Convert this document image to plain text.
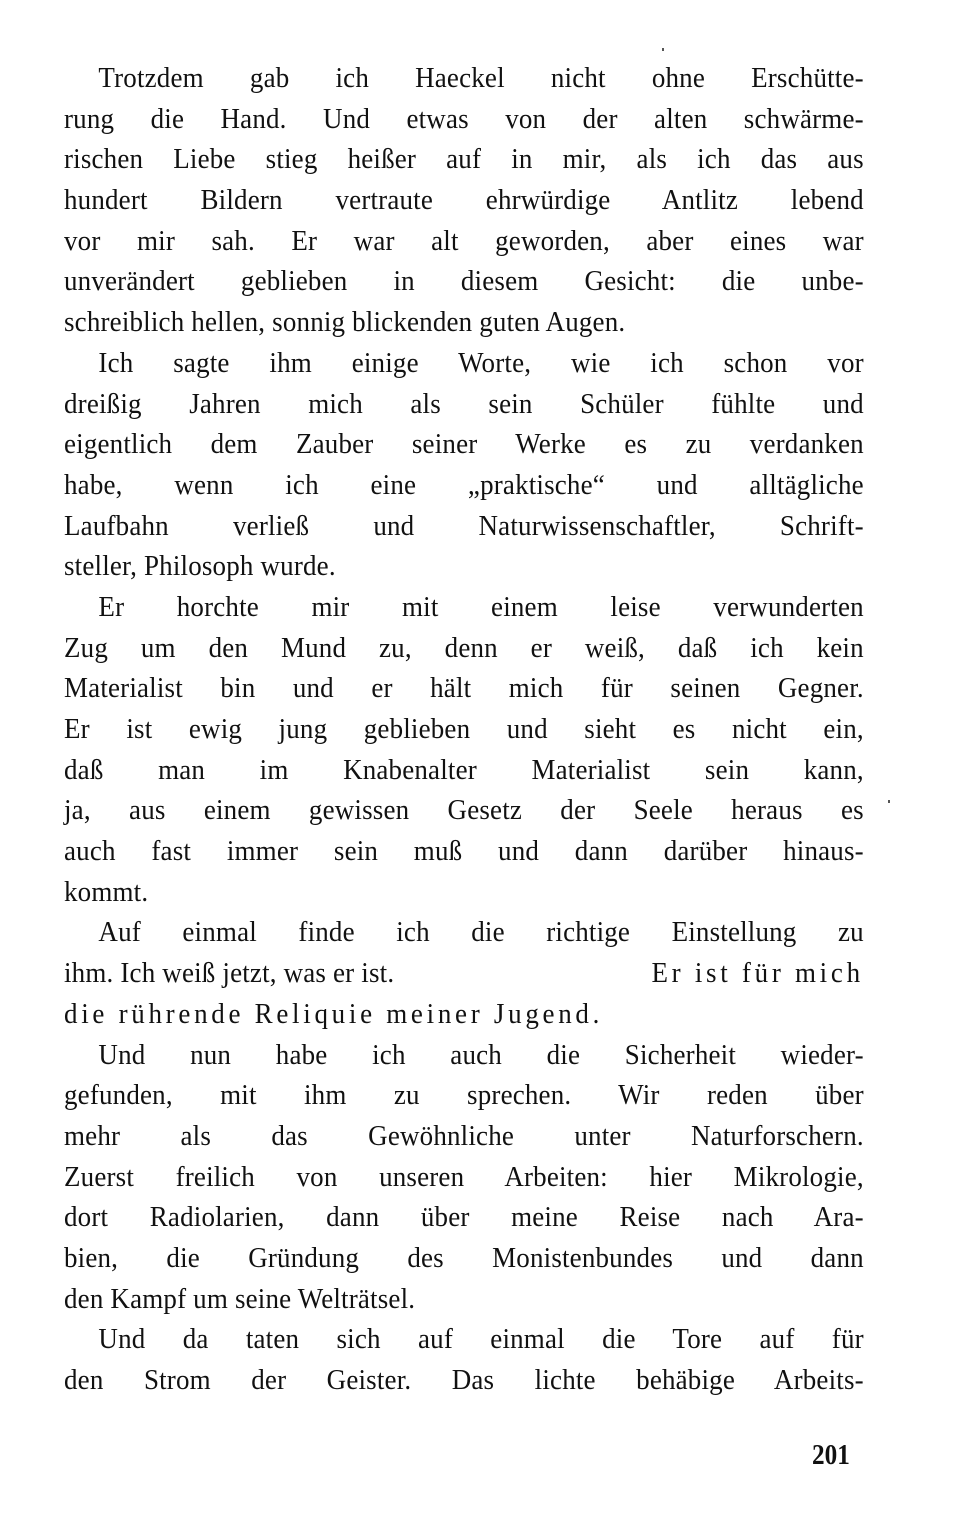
Trotzdem gab ich Haeckel nicht ohne Erschütte-
rung die Hand. Und etwas von der alten schwärme-
rischen Liebe stieg heißer auf in mir, als ich das aus
hundert Bildern vertraute ehrwürdige Antlitz lebend
vor mir sah. Er war alt geworden, aber eines war
unverändert geblieben in diesem Gesicht: die unbe-
schreiblich hellen, sonnig blickenden guten Augen.
Ich sagte ihm einige Worte, wie ich schon vor
dreißig Jahren mich als sein Schüler fühlte und
eigentlich dem Zauber seiner Werke es zu verdanken
habe, wenn ich eine „praktische“ und alltägliche
Laufbahn verließ und Naturwissenschaftler, Schrift-
steller, Philosoph wurde.
Er horchte mir mit einem leise verwunderten
Zug um den Mund zu, denn er weiß, daß ich kein
Materialist bin und er hält mich für seinen Gegner.
Er ist ewig jung geblieben und sieht es nicht ein,
daß man im Knabenalter Materialist sein kann,
ja, aus einem gewissen Gesetz der Seele heraus es
auch fast immer sein muß und dann darüber hinaus-
kommt.
Auf einmal finde ich die richtige Einstellung zu
ihm. Ich weiß jetzt, was er ist.	Er ist für mich
die rührende Reliquie meiner Jugend.
Und nun habe ich auch die Sicherheit wieder-
gefunden, mit ihm zu sprechen. Wir reden über
mehr als das Gewöhnliche unter Naturforschern.
Zuerst freilich von unseren Arbeiten: hier Mikrologie,
dort Radiolarien, dann über meine Reise nach Ara-
bien, die Gründung des Monistenbundes und dann
den Kampf um seine Welträtsel.
Und da taten sich auf einmal die Tore auf für
den Strom der Geister. Das lichte behäbige Arbeits-
201
